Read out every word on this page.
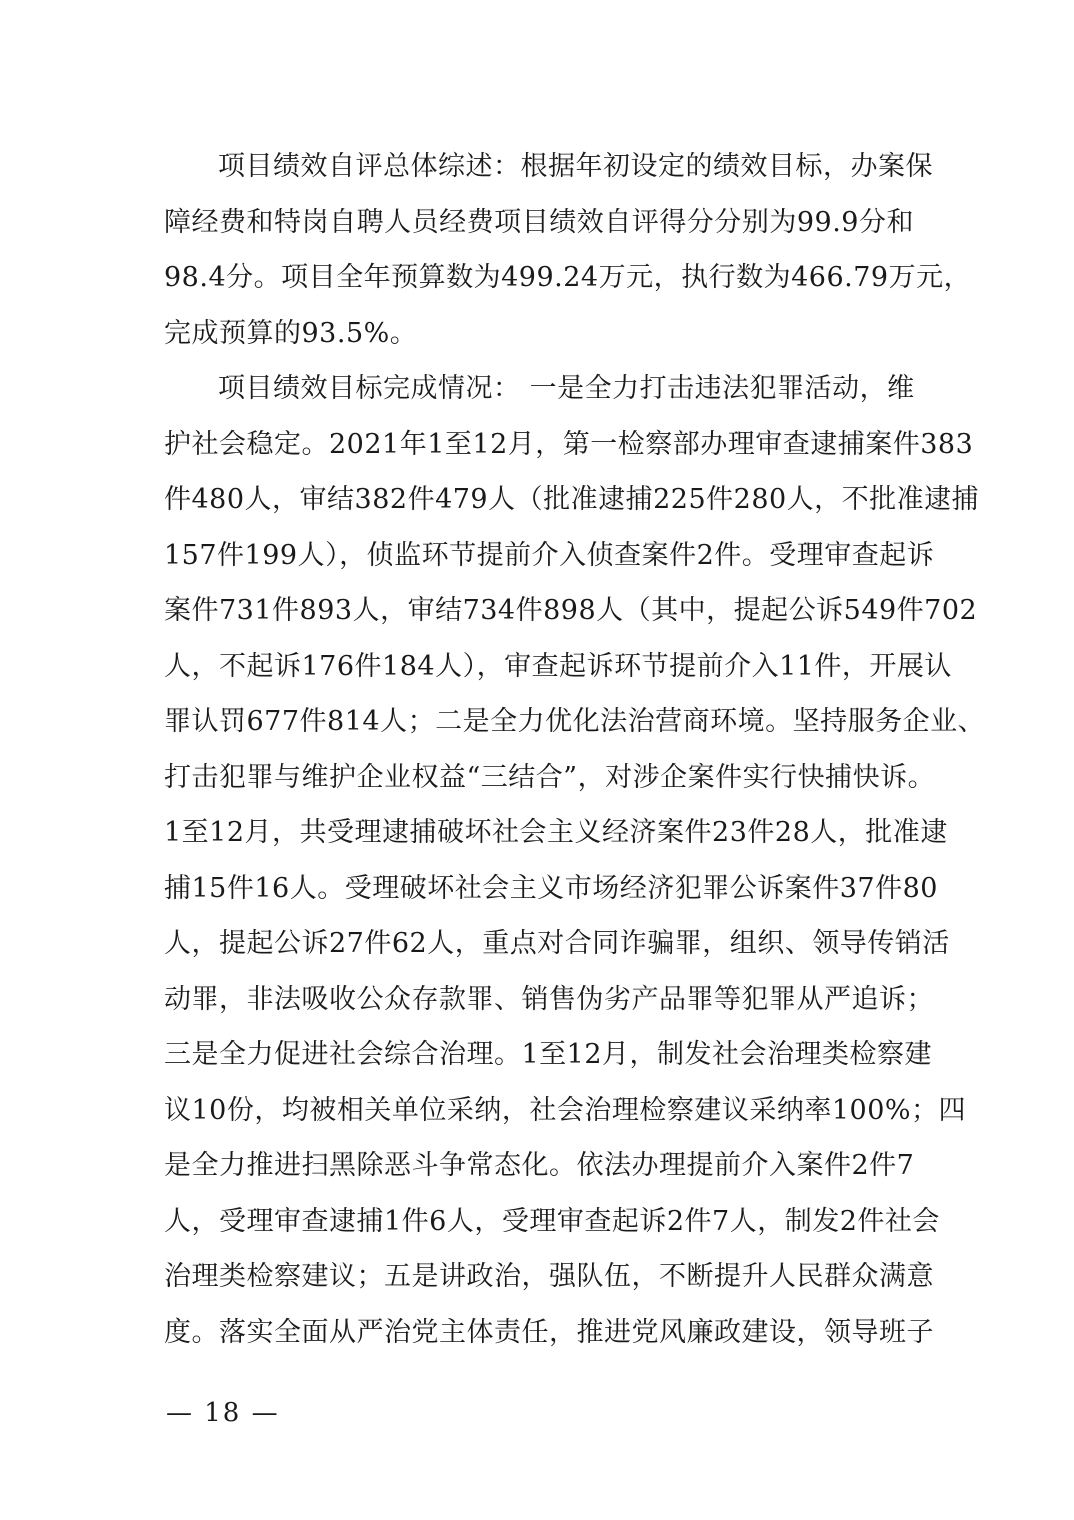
项目绩效自评总体综述：根据年初设定的绩效目标，办案保
障经费和特岗自聘人员经费项目绩效自评得分分别为99.9分和
98.4分。项目全年预算数为499.24万元，执行数为466.79万元，
完成预算的93.5%。
项目绩效目标完成情况： 一是全力打击违法犯罪活动，维
护社会稳定。2021年1至12月，第一检察部办理审查逮捕案件383
件480人，审结382件479人（批准逮捕225件280人，不批准逮捕
157件199人），侦监环节提前介入侦查案件2件。受理审查起诉
案件731件893人，审结734件898人（其中，提起公诉549件702
人，不起诉176件184人），审查起诉环节提前介入11件，开展认
罪认罚677件814人；二是全力优化法治营商环境。坚持服务企业、
打击犯罪与维护企业权益“三结合”，对涉企案件实行快捕快诉。
1至12月，共受理逮捕破坏社会主义经济案件23件28人，批准逮
捕15件16人。受理破坏社会主义市场经济犯罪公诉案件37件80
人，提起公诉27件62人，重点对合同诈骗罪，组织、领导传销活
动罪，非法吸收公众存款罪、销售伪劣产品罪等犯罪从严追诉；
三是全力促进社会综合治理。1至12月，制发社会治理类检察建
议10份，均被相关单位采纳，社会治理检察建议采纳率100%；四
是全力推进扫黑除恶斗争常态化。依法办理提前介入案件2件7
人，受理审查逮捕1件6人，受理审查起诉2件7人，制发2件社会
治理类检察建议；五是讲政治，强队伍，不断提升人民群众满意
度。落实全面从严治党主体责任，推进党风廉政建设，领导班子
— 18 —
